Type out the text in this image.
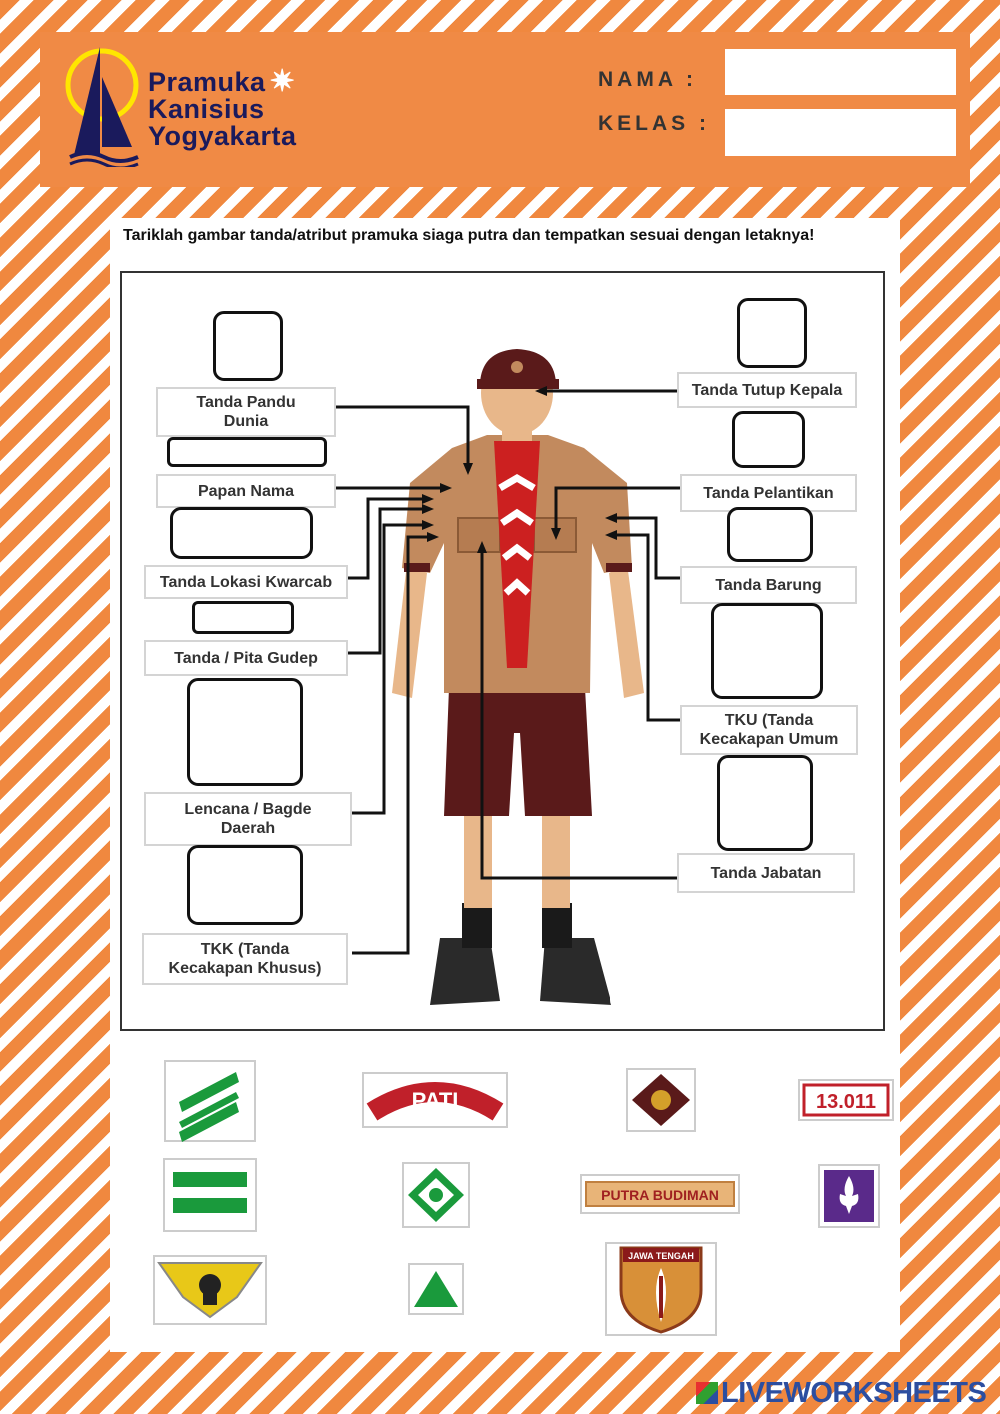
Pramuka ✷
Kanisius
Yogyakarta
NAMA :
KELAS :
Tariklah gambar tanda/atribut pramuka siaga putra dan tempatkan sesuai dengan letaknya!
Tanda Pandu
Dunia
Papan Nama
Tanda Lokasi Kwarcab
Tanda / Pita Gudep
Lencana / Bagde
Daerah
TKK (Tanda
Kecakapan Khusus)
Tanda Tutup Kepala
Tanda Pelantikan
Tanda Barung
TKU (Tanda
Kecakapan Umum
Tanda Jabatan
PATI	13.011
PUTRA BUDIMAN
JAWA TENGAH
LIVEWORKSHEETS
